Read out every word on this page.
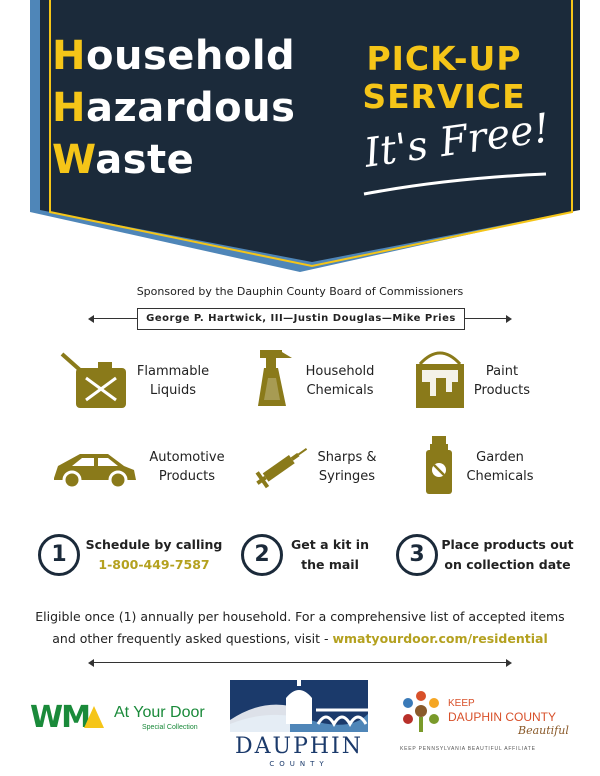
Household
Hazardous
Waste
PICK-UP
SERVICE
It's Free!
Sponsored by the Dauphin County Board of Commissioners
George P. Hartwick, III—Justin Douglas—Mike Pries
Flammable
Liquids
Household
Chemicals
Paint
Products
Automotive
Products
Sharps &
Syringes
Garden
Chemicals
1	Schedule by calling
1-800-449-7587	2	Get a kit in
the mail	3	Place products out
on collection date
Eligible once (1) annually per household. For a comprehensive list of accepted items
and other frequently asked questions, visit - wmatyourdoor.com/residential
WM At Your Door
Special Collection
DAUPHIN
COUNTY
KEEP
DAUPHIN COUNTY
Beautiful
KEEP PENNSYLVANIA BEAUTIFUL AFFILIATE
